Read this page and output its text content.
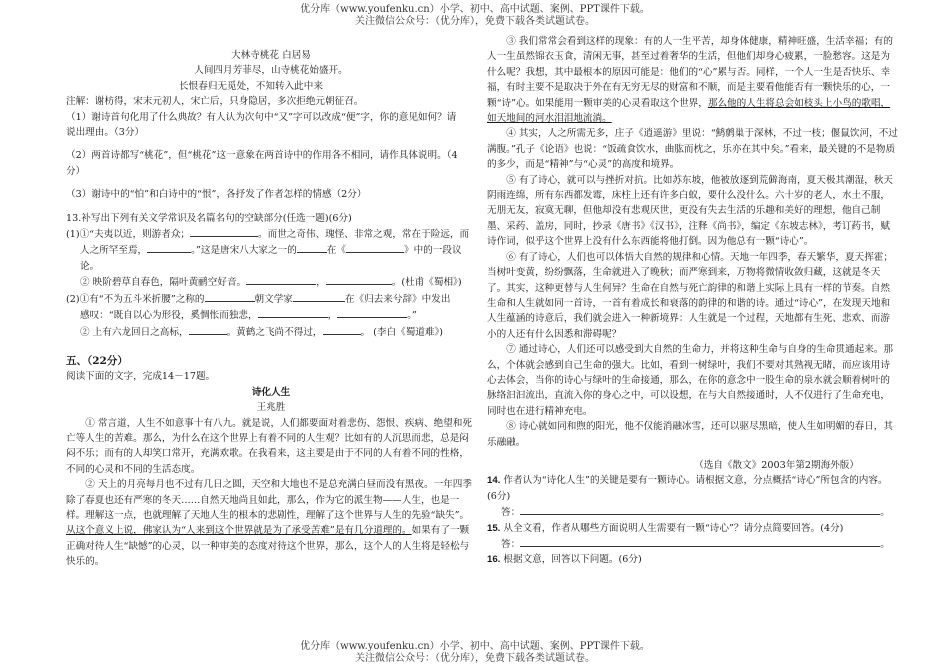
优分库（www.youfenku.cn）小学、初中、高中试题、案例、PPT课件下载。
关注微信公众号：（优分库），免费下载各类试题试卷。

大林寺桃花 白居易

人间四月芳菲尽，山寺桃花始盛开。

长恨春归无觅处，不知转入此中来

注解：谢枋得，宋末元初人，宋亡后，只身隐居，多次拒绝元朝征召。

（1）谢诗首句化用了什么典故？有人认为次句中“又”字可以改成“便”字，你的意见如何？请

说出理由。（3分）

（2）两首诗都写“桃花”，但“桃花”这一意象在两首诗中的作用各不相同，请作具体说明。（4

分）

（3）谢诗中的“怕”和白诗中的“恨”，各抒发了作者怎样的情感（2分）

13.补写出下列有关文学常识及名篇名句的空缺部分(任选一题)(6分)

(1)①“夫夷以近，则游者众；	。而世之奇伟、瑰怪、非常之观，常在于险远，而

人之所罕至焉，	。”这是唐宋八大家之一的	在《	》中的一段议论。

② 映阶碧草自春色，隔叶黄鹂空好音。	，	。(杜甫《蜀相》)

(2)①有“不为五斗米折腰”之称的	朝文学家	在《归去来兮辞》中发出

感叹：“既自以心为形役，奚惆怅而独悲，	，	。”

② 上有六龙回日之高标，	。黄鹤之飞尚不得过，	。 (李白《蜀道难》)

五、（22分）

阅读下面的文字，完成14－17题。

诗化人生

王兆胜

① 常言道，人生不如意事十有八九。就是说，人们都要面对着悲伤、怨恨、疾病、绝望和死亡等人生的苦难。那么，为什么在这个世界上有着不同的人生观？比如有的人沉思而悲，总是闷闷不乐；而有的人却笑口常开，充满欢歌。在我看来，这主要是由于不同的人有着不同的性格，不同的心灵和不同的生活态度。

② 天上的月亮每月也不过有几日之圆，天空和大地也不是总充满白昼而没有黑夜。一年四季除了春夏也还有严寒的冬天……自然天地尚且如此，那么，作为它的派生物——人生，也是一样。理解这一点，也就理解了天地人生的根本的悲剧性，理解了这个世界与人生的先验“缺失”。从这个意义上说，佛家认为“人来到这个世界就是为了承受苦难”是有几分道理的。如果有了一颗正确对待人生“缺憾”的心灵，以一种审美的态度对待这个世界，那么，这个人的人生将是轻松与快乐的。

③ 我们常常会看到这样的现象：有的人一生平苦，却身体健康，精神旺盛，生活幸福；有的人一生虽然锦衣玉食，清闲无事，甚至过着奢华的生活，但他们却身心疲累，一脸愁容。这是为什么呢？我想，其中最根本的原因可能是：他们的“心”累与否。同样，一个人一生是否快乐、幸福，有时主要不是取决于外在有无穷无尽的财富和不顺，而是主要看他能否有一颗快乐的心，一颗“诗”心。如果能用一颗审美的心灵看取这个世界，那么他的人生将总会如枝头上小鸟的歌唱，如天地间的河水泪泪地流淌。

④ 其实，人之所需无多，庄子《逍遥游》里说：“鹪鹩巢于深林，不过一枝；偃鼠饮河，不过满腹。”孔子《论语》也说：“饭疏食饮水，曲肱而枕之，乐亦在其中矣。”看来，最关键的不是物质的多少，而是“精神”与“心灵”的高度和境界。

⑤ 有了诗心，就可以与挫折对抗。比如苏东坡，他被放逐到荒僻海南，夏天极其潮湿，秋天阴雨连绵，所有东西都发霉，床柱上还有许多白蚁，要什么没什么。六十岁的老人，水土不服，无朋无友，寂寞无聊，但他却没有悲观厌世，更没有失去生活的乐趣和美好的理想，他自己制墨、采药、盖房，同时，抄录《唐书》《汉书》，注释《尚书》，编定《东坡志林》，考订药书，赋诗作词，似乎这个世界上没有什么东西能将他打倒。因为他总有一颗“诗心”。

⑥ 有了诗心，人们也可以体悟大自然的规律和心情。天地一年四季，春天繁华，夏天挥霍；当树叶变黄，纷纷飘落，生命就进入了晚秋；而严寒到来，万物将微情收敛归藏，这就是冬天了。其实，这种更替与人生何异？生命在自然与死亡韵律的和谐上实际上具有一样的节奏。自然生命和人生就如同一首诗，一首有着成长和衰落的韵律的和谐的诗。通过“诗心”，在发现天地和人生蕴涵的诗意后，我们就会进入一种新境界：人生就是一个过程，天地都有生死、悲欢、而游小的人还有什么因悉和滞碍呢？

⑦ 通过诗心，人们还可以感受到大自然的生命力，并将这种生命与自身的生命贯通起来。那么，个体就会感到自己生命的强大。比如，看到一树绿叶，我们不要对其熟视无睹，而应该用诗心去体会，当你的诗心与绿叶的生命接通，那么，在你的意念中一股生命的泉水就会顺着树叶的脉络汩汩流出，直流入你的身心之中，可以设想，在与大自然接通时，人不仅进行了生命充电，同时也在进行精神充电。

⑧ 诗心就如同和煦的阳光，他不仅能消融冰雪，还可以驱尽黑暗，使人生如明媚的春日，其乐融融。

（选自《散文》2003年第2期海外版）

14. 作者认为“诗化人生”的关键是要有一颗诗心。请根据文意，分点概括“诗心”所包含的内容。

(6分)

答：	。

15. 从全文看，作者从哪些方面说明人生需要有一颗“诗心”？请分点简要回答。(4分)

答：	。

16. 根据文意，回答以下问题。(6分)

优分库（www.youfenku.cn）小学、初中、高中试题、案例、PPT课件下载。
关注微信公众号：（优分库），免费下载各类试题试卷。
